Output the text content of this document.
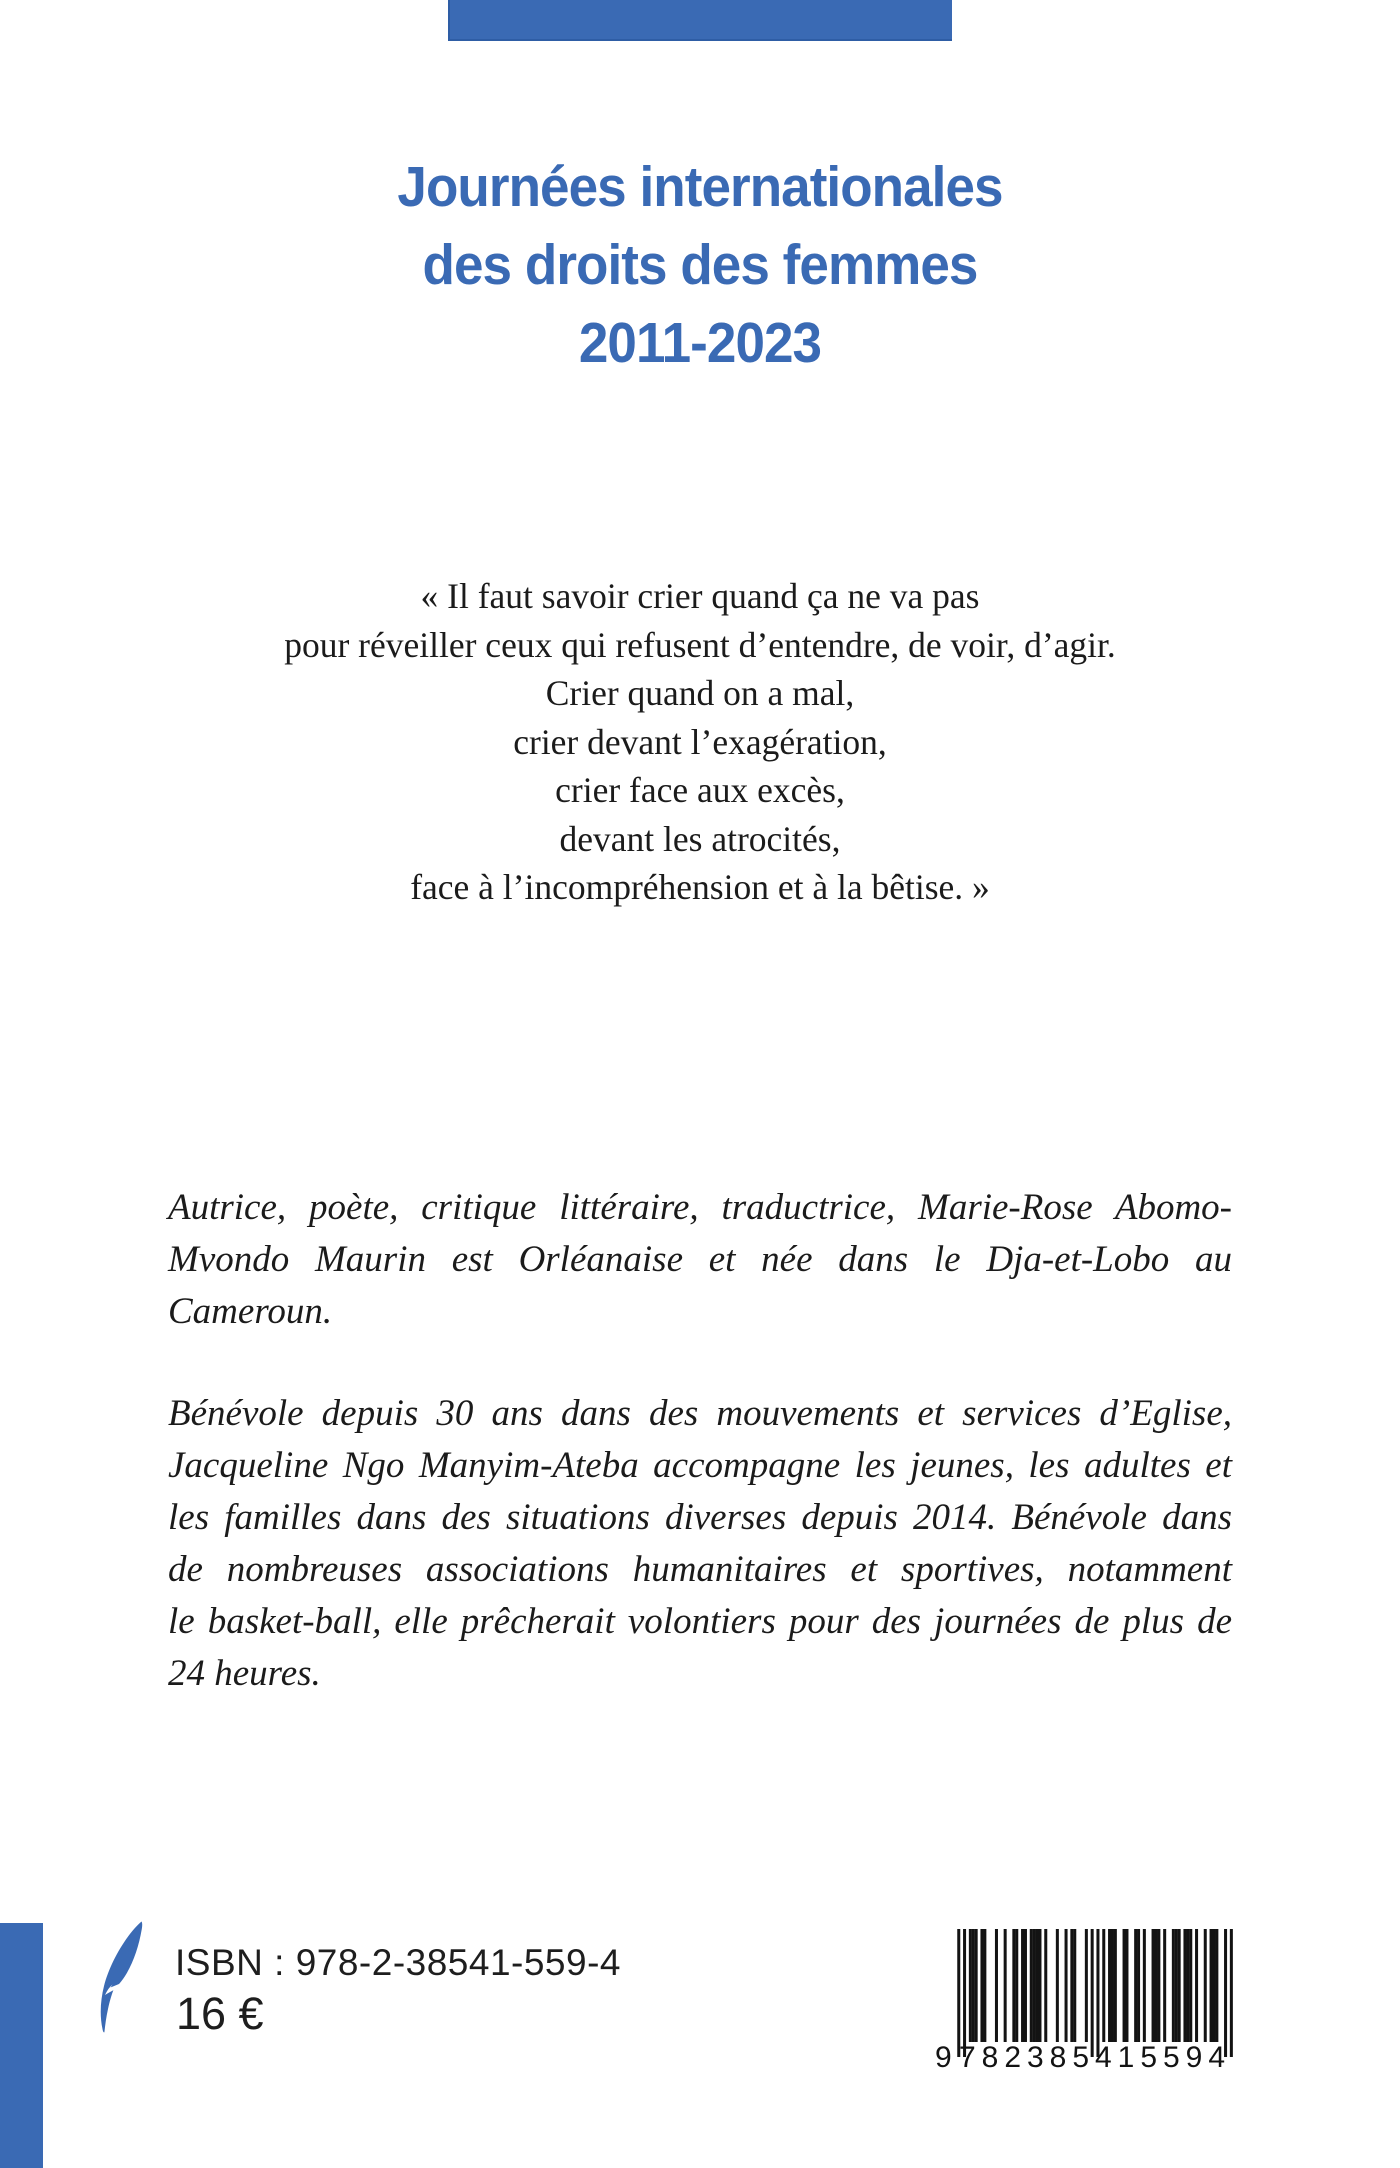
Journées internationales
des droits des femmes
2011-2023
« Il faut savoir crier quand ça ne va pas
pour réveiller ceux qui refusent d’entendre, de voir, d’agir.
Crier quand on a mal,
crier devant l’exagération,
crier face aux excès,
devant les atrocités,
face à l’incompréhension et à la bêtise. »
Autrice, poète, critique littéraire, traductrice, Marie-Rose Abomo-
Mvondo Maurin est Orléanaise et née dans le Dja-et-Lobo au
Cameroun.
Bénévole depuis 30 ans dans des mouvements et services d’Eglise,
Jacqueline Ngo Manyim-Ateba accompagne les jeunes, les adultes et
les familles dans des situations diverses depuis 2014. Bénévole dans
de nombreuses associations humanitaires et sportives, notamment
le basket-ball, elle prêcherait volontiers pour des journées de plus de
24 heures.
ISBN : 978-2-38541-559-4
16 €
9 782385 415594
